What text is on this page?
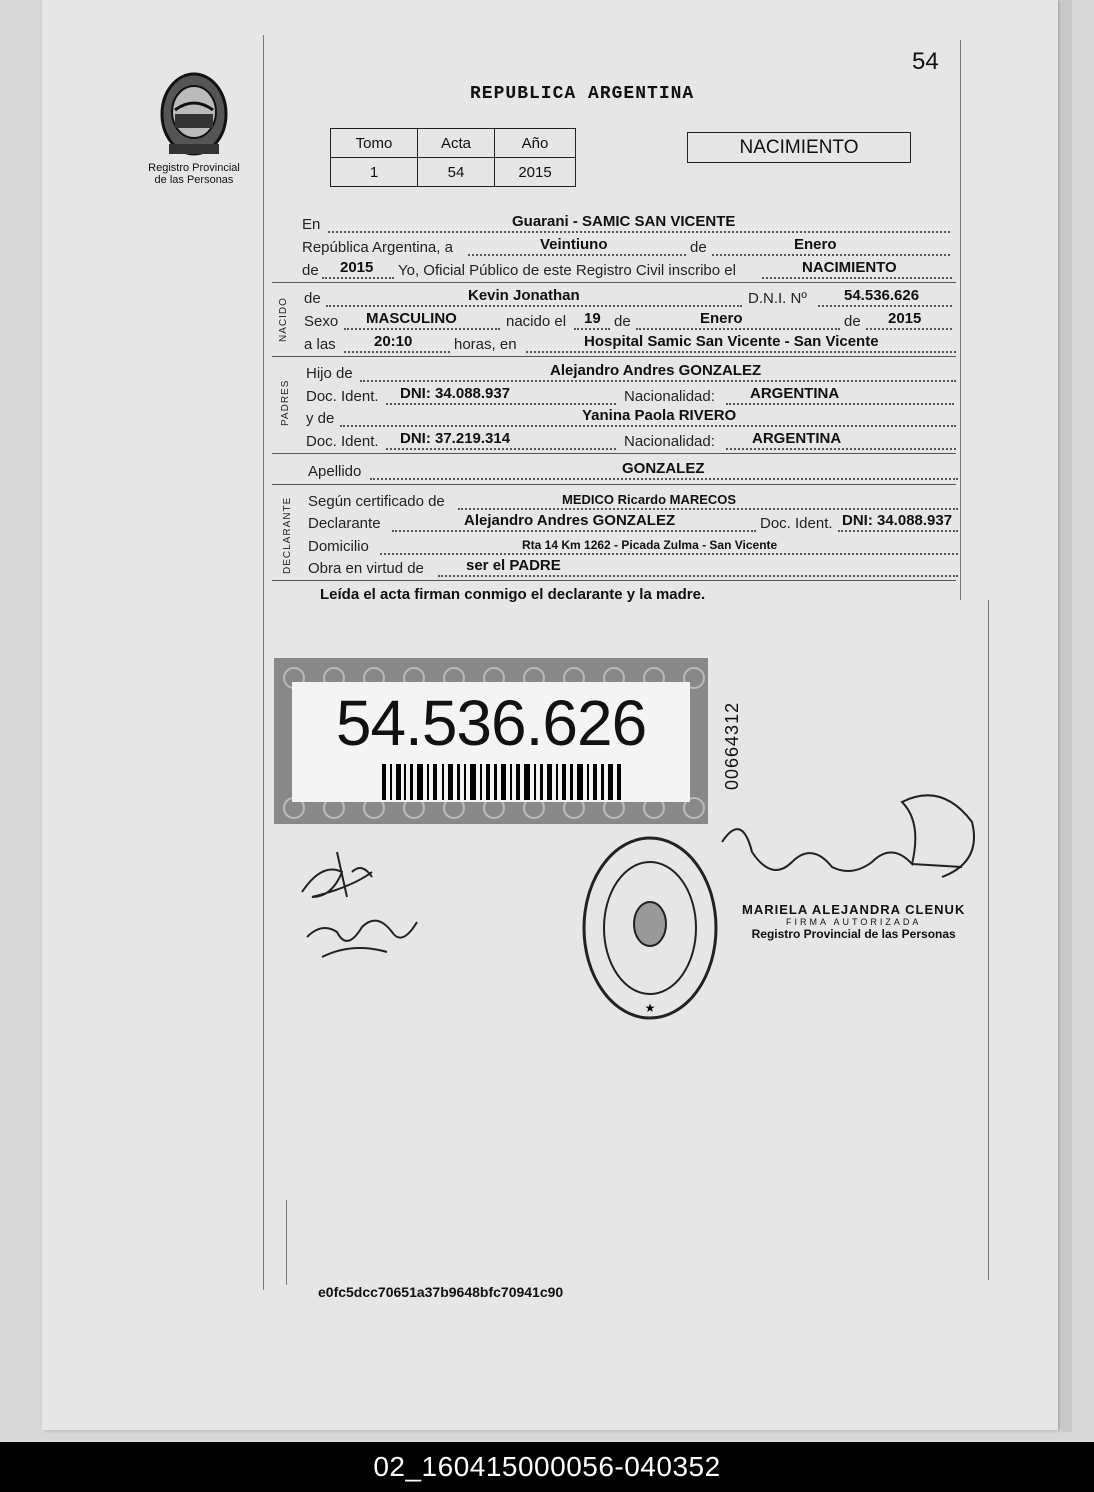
Registro Provincial
de las Personas
54
REPUBLICA ARGENTINA
Tomo	Acta	Año
1	54	2015
NACIMIENTO
En	Guarani - SAMIC SAN VICENTE
República Argentina, a	Veintiuno	de	Enero
de 2015 Yo, Oficial Público de este Registro Civil inscribo el	NACIMIENTO
NACIDO de	Kevin Jonathan	D.N.I. Nº 54.536.626
Sexo MASCULINO	nacido el 19 de	Enero	de 2015
a las	20:10	horas, en	Hospital Samic San Vicente - San Vicente
PADRES
Hijo de	Alejandro Andres GONZALEZ
Doc. Ident. DNI: 34.088.937	Nacionalidad: ARGENTINA
y de	Yanina Paola RIVERO
Doc. Ident. DNI: 37.219.314	Nacionalidad: ARGENTINA
Apellido	GONZALEZ
DECLARANTE Según certificado de	MEDICO Ricardo MARECOS
Declarante	Alejandro Andres GONZALEZ	Doc. Ident. DNI: 34.088.937
Domicilio	Rta 14 Km 1262 - Picada Zulma - San Vicente
Obra en virtud de	ser el PADRE
Leída el acta firman conmigo el declarante y la madre.
54.536.626	00664312
★
MARIELA ALEJANDRA CLENUK
FIRMA AUTORIZADA
Registro Provincial de las Personas
e0fc5dcc70651a37b9648bfc70941c90
02_160415000056-040352
